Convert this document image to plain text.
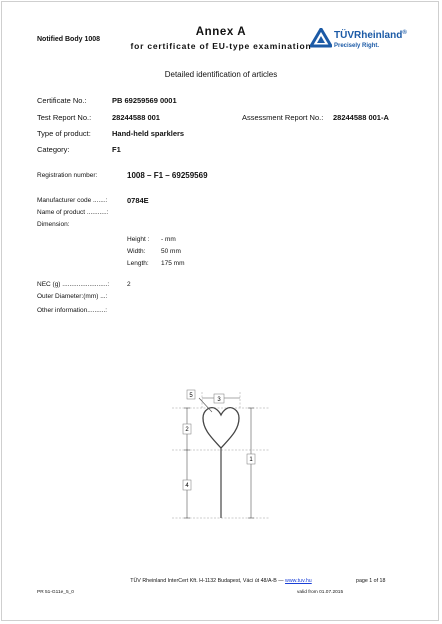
Notified Body 1008
Annex A
for certificate of EU-type examination
TÜVRheinland®
Precisely Right.
Detailed identification of articles
Certificate No.:	PB 69259569 0001
Test Report No.:	28244588 001	Assessment Report No.: 28244588 001-A
Type of product:	Hand-held sparklers
Category:	F1
Registration number:	1008 – F1 – 69259569
Manufacturer code .......:	0784E
Name of product ...........:
Dimension:
Height : - mm
Width: 50 mm
Length: 175 mm
NEC (g) .........................:	2
Outer Diameter:(mm) ...:
Other information..........:
5
3
2
1
4
TÜV Rheinland InterCert Kft. H-1132 Budapest, Váci út 48/A-B — www.tuv.hu	page 1 of 18
PR 51-G11e_5_0	valid from 01.07.2015
